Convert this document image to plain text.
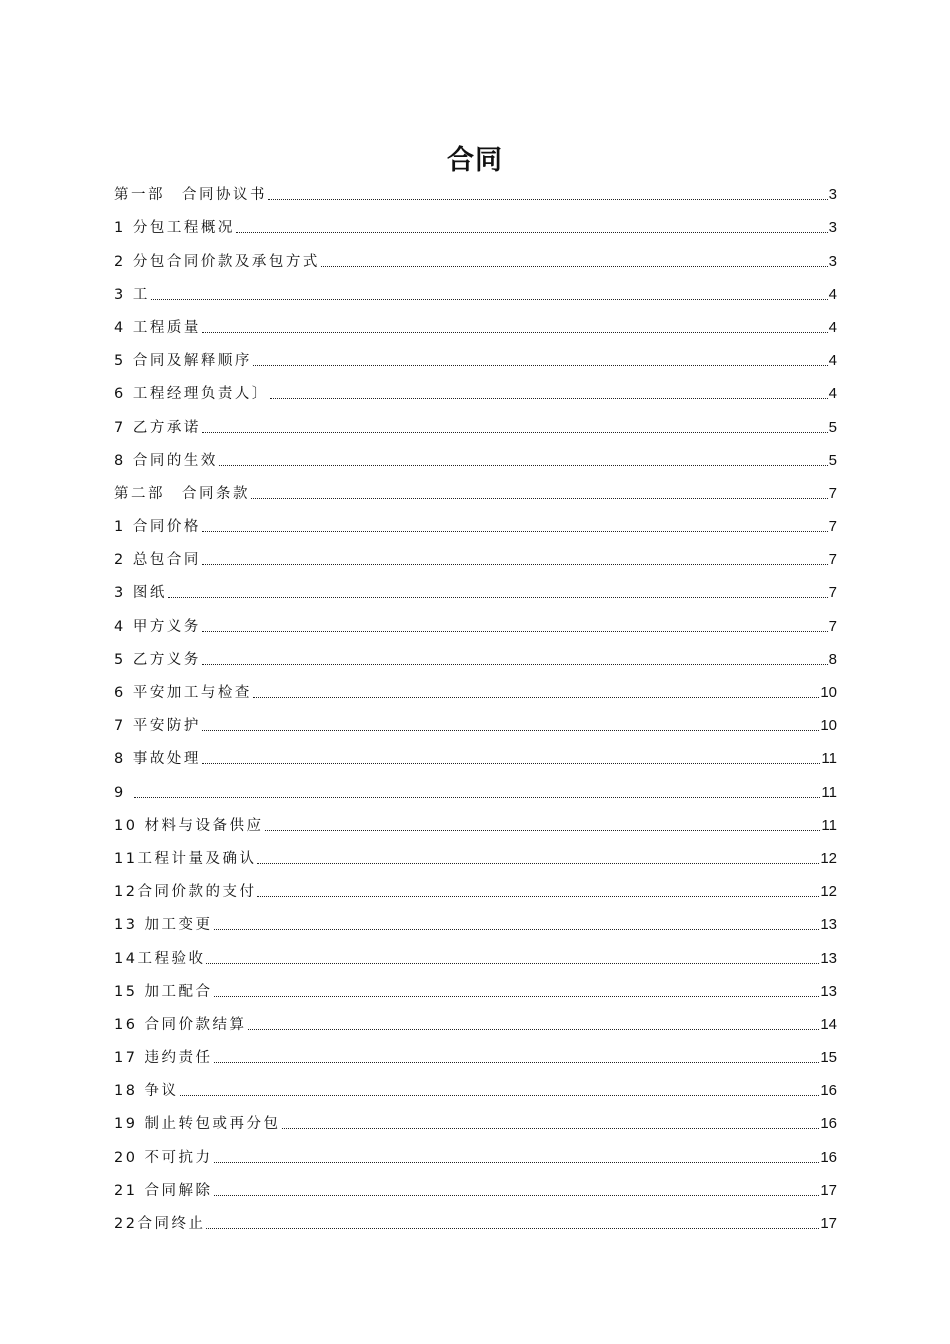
合同
第一部　合同协议书	3
1 分包工程概况	3
2 分包合同价款及承包方式	3
3 工	4
4 工程质量	4
5 合同及解释顺序	4
6 工程经理负责人〕	4
7 乙方承诺	5
8 合同的生效	5
第二部　合同条款	7
1 合同价格	7
2 总包合同	7
3 图纸	7
4 甲方义务	7
5 乙方义务	8
6 平安加工与检查	10
7 平安防护	10
8 事故处理	11
9	11
10 材料与设备供应	11
11工程计量及确认	12
12合同价款的支付	12
13 加工变更	13
14工程验收	13
15 加工配合	13
16 合同价款结算	14
17 违约责任	15
18 争议	16
19 制止转包或再分包	16
20 不可抗力	16
21 合同解除	17
22合同终止	17
